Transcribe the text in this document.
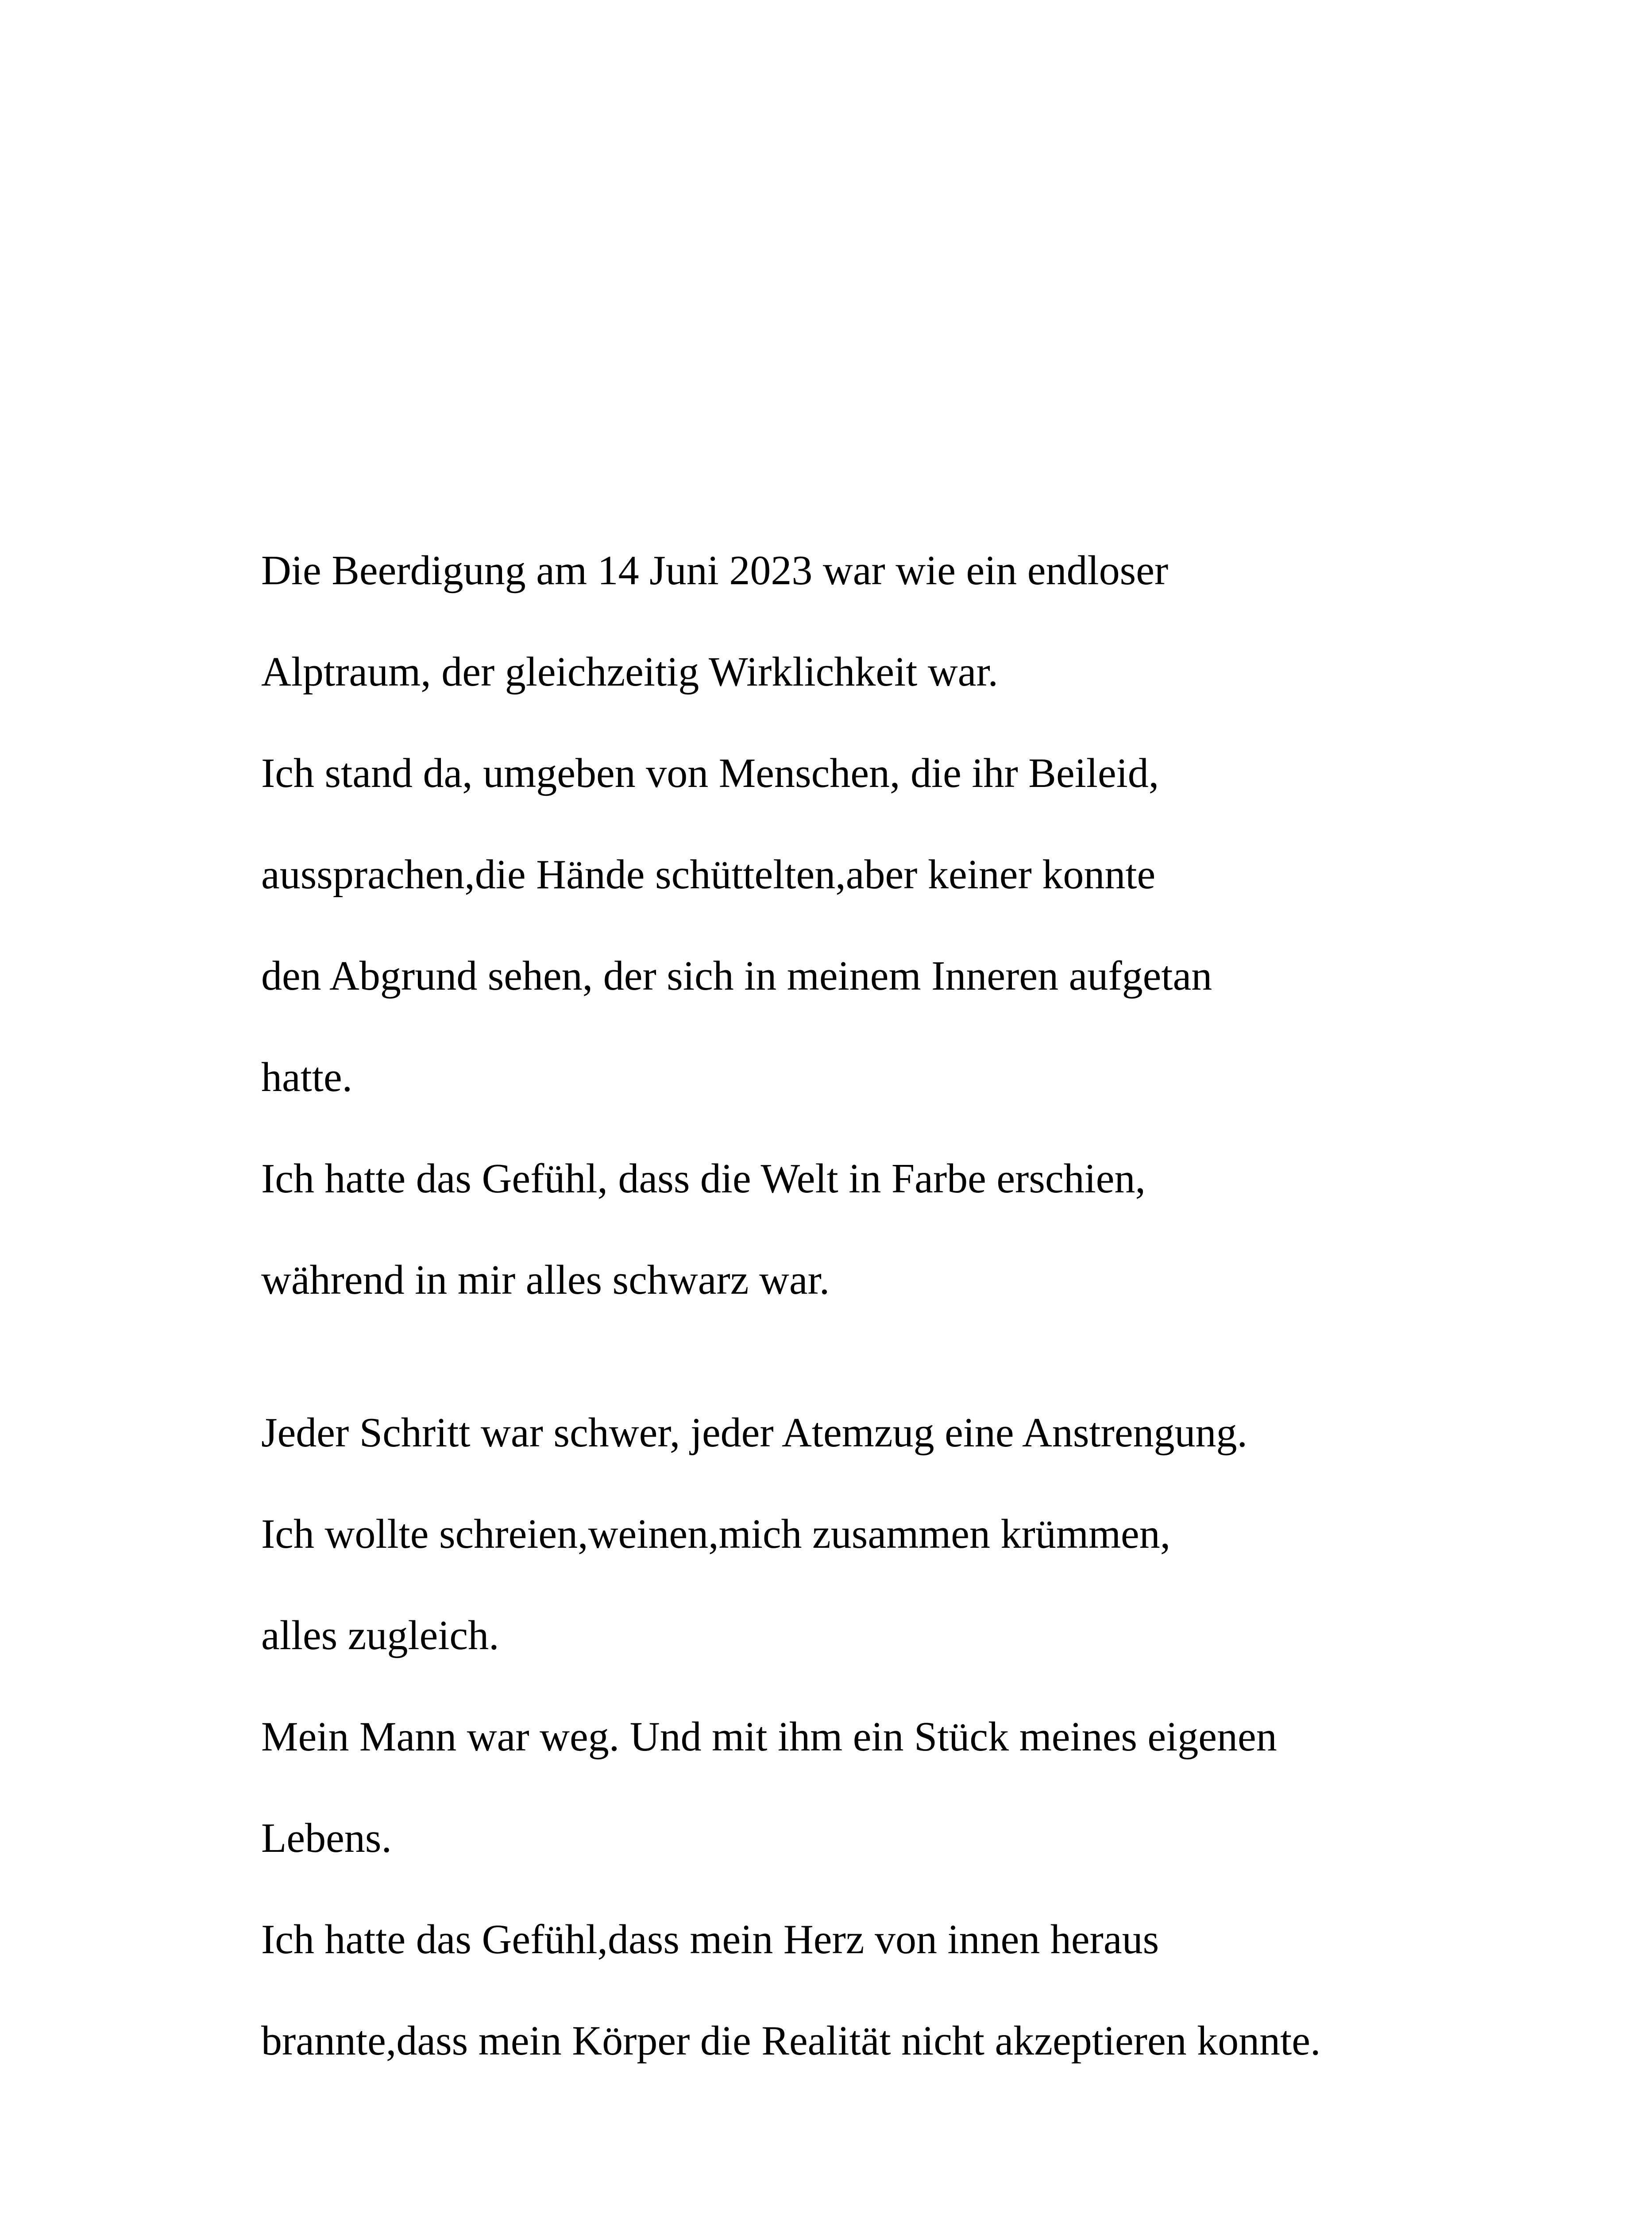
Die Beerdigung am 14 Juni 2023 war wie ein endloser
Alptraum, der gleichzeitig Wirklichkeit war.
Ich stand da, umgeben von Menschen, die ihr Beileid,
aussprachen,die Hände schüttelten,aber keiner konnte
den Abgrund sehen, der sich in meinem Inneren aufgetan
hatte.
Ich hatte das Gefühl, dass die Welt in Farbe erschien,
während in mir alles schwarz war.
Jeder Schritt war schwer, jeder Atemzug eine Anstrengung.
Ich wollte schreien,weinen,mich zusammen krümmen,
alles zugleich.
Mein Mann war weg. Und mit ihm ein Stück meines eigenen
Lebens.
Ich hatte das Gefühl,dass mein Herz von innen heraus
brannte,dass mein Körper die Realität nicht akzeptieren konnte.
